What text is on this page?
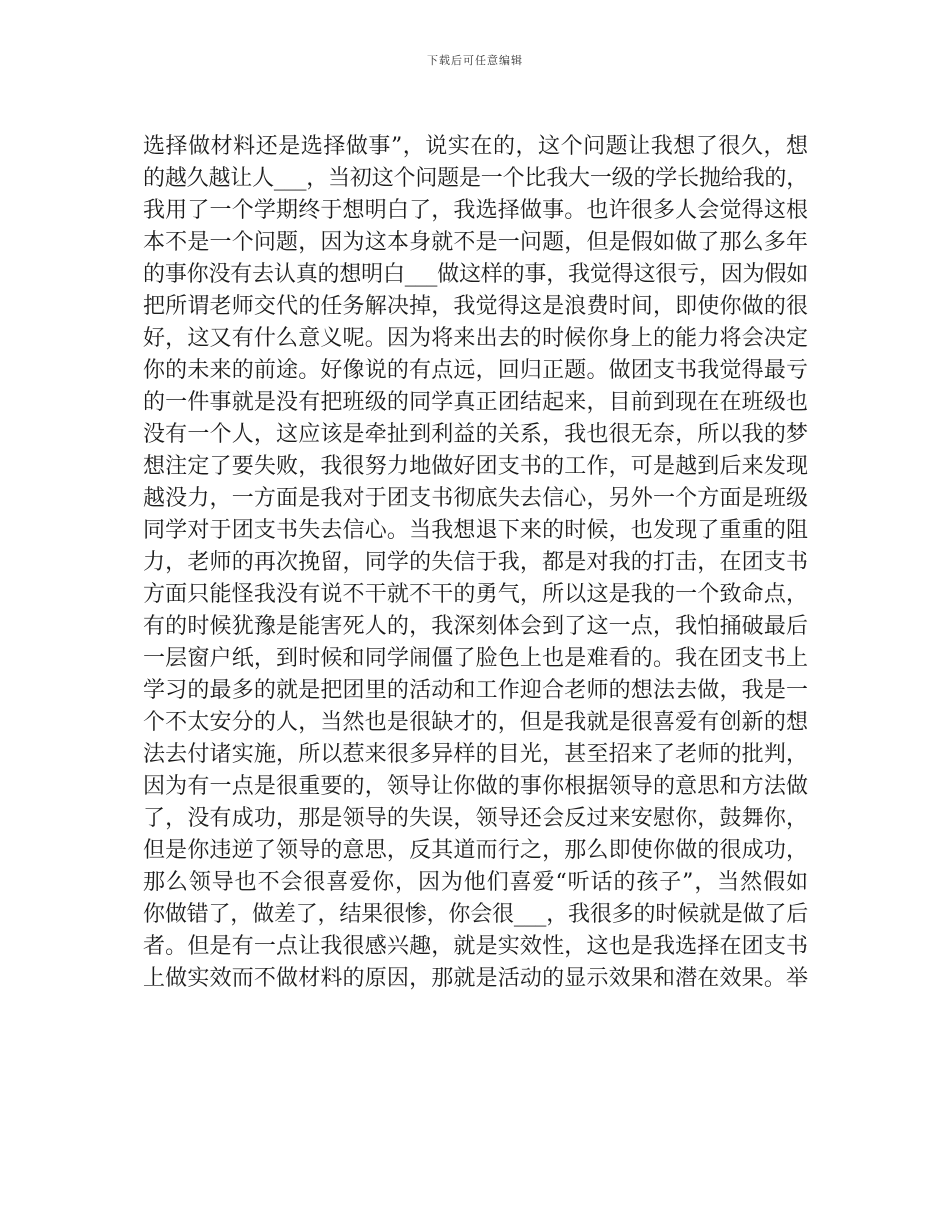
下载后可任意编辑
选择做材料还是选择做事”，说实在的，这个问题让我想了很久，想
的越久越让人___，当初这个问题是一个比我大一级的学长抛给我的，
我用了一个学期终于想明白了，我选择做事。也许很多人会觉得这根
本不是一个问题，因为这本身就不是一问题，但是假如做了那么多年
的事你没有去认真的想明白___做这样的事，我觉得这很亏，因为假如
把所谓老师交代的任务解决掉，我觉得这是浪费时间，即使你做的很
好，这又有什么意义呢。因为将来出去的时候你身上的能力将会决定
你的未来的前途。好像说的有点远，回归正题。做团支书我觉得最亏
的一件事就是没有把班级的同学真正团结起来，目前到现在在班级也
没有一个人，这应该是牵扯到利益的关系，我也很无奈，所以我的梦
想注定了要失败，我很努力地做好团支书的工作，可是越到后来发现
越没力，一方面是我对于团支书彻底失去信心，另外一个方面是班级
同学对于团支书失去信心。当我想退下来的时候，也发现了重重的阻
力，老师的再次挽留，同学的失信于我，都是对我的打击，在团支书
方面只能怪我没有说不干就不干的勇气，所以这是我的一个致命点，
有的时候犹豫是能害死人的，我深刻体会到了这一点，我怕捅破最后
一层窗户纸，到时候和同学闹僵了脸色上也是难看的。我在团支书上
学习的最多的就是把团里的活动和工作迎合老师的想法去做，我是一
个不太安分的人，当然也是很缺才的，但是我就是很喜爱有创新的想
法去付诸实施，所以惹来很多异样的目光，甚至招来了老师的批判，
因为有一点是很重要的，领导让你做的事你根据领导的意思和方法做
了，没有成功，那是领导的失误，领导还会反过来安慰你，鼓舞你，
但是你违逆了领导的意思，反其道而行之，那么即使你做的很成功，
那么领导也不会很喜爱你，因为他们喜爱“听话的孩子”，当然假如
你做错了，做差了，结果很惨，你会很___，我很多的时候就是做了后
者。但是有一点让我很感兴趣，就是实效性，这也是我选择在团支书
上做实效而不做材料的原因，那就是活动的显示效果和潜在效果。举
